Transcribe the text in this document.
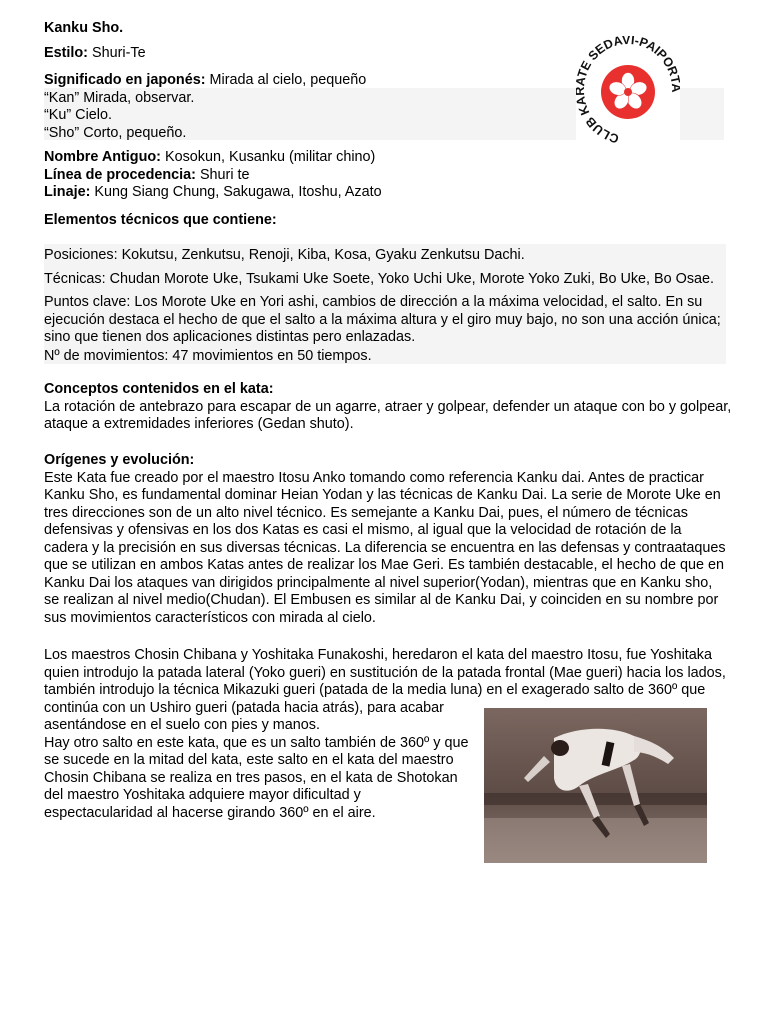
Kanku Sho.
Estilo: Shuri-Te

Significado en japonés: Mirada al cielo, pequeño

“Kan” Mirada, observar.

“Ku” Cielo.

“Sho” Corto, pequeño.

Nombre Antiguo: Kosokun, Kusanku (militar chino)

Línea de procedencia: Shuri te

Linaje: Kung Siang Chung, Sakugawa, Itoshu, Azato

Elementos técnicos que contiene:

Posiciones: Kokutsu, Zenkutsu, Renoji, Kiba, Kosa, Gyaku Zenkutsu Dachi.

Técnicas: Chudan Morote Uke, Tsukami Uke Soete, Yoko Uchi Uke, Morote Yoko Zuki, Bo Uke, Bo Osae.

Puntos clave: Los Morote Uke en Yori ashi, cambios de dirección a la máxima velocidad, el salto. En su

ejecución destaca el hecho de que el salto a la máxima altura y el giro muy bajo, no son una acción única;

sino que tienen dos aplicaciones distintas pero enlazadas.

Nº de movimientos: 47 movimientos en 50 tiempos.

Conceptos contenidos en el kata:

La rotación de antebrazo para escapar de un agarre, atraer y golpear, defender un ataque con bo y golpear,

ataque a extremidades inferiores (Gedan shuto).

Orígenes y evolución:

Este Kata fue creado por el maestro Itosu Anko tomando como referencia Kanku dai. Antes de practicar

Kanku Sho, es fundamental dominar Heian Yodan y las técnicas de Kanku Dai. La serie de Morote Uke en

tres direcciones son de un alto nivel técnico. Es semejante a Kanku Dai, pues, el número de técnicas

defensivas y ofensivas en los dos Katas es casi el mismo, al igual que la velocidad de rotación de la

cadera y la precisión en sus diversas técnicas. La diferencia se encuentra en las defensas y contraataques

que se utilizan en ambos Katas antes de realizar los Mae Geri. Es también destacable, el hecho de que en

Kanku Dai los ataques van dirigidos principalmente al nivel superior(Yodan), mientras que en Kanku sho,

se realizan al nivel medio(Chudan). El Embusen es similar al de Kanku Dai, y coinciden en su nombre por

sus movimientos característicos con mirada al cielo.

Los maestros Chosin Chibana y Yoshitaka Funakoshi, heredaron el kata del maestro Itosu, fue Yoshitaka

quien introdujo la patada lateral (Yoko gueri) en sustitución de la patada frontal (Mae gueri) hacia los lados,

también introdujo la técnica Mikazuki gueri (patada de la media luna) en el exagerado salto de 360º que

continúa con un Ushiro gueri (patada hacia atrás), para acabar

asentándose en el suelo con pies y manos.

Hay otro salto en este kata, que es un salto también de 360º y que

se sucede en la mitad del kata, este salto en el kata del maestro

Chosin Chibana se realiza en tres pasos, en el kata de Shotokan

del maestro Yoshitaka adquiere mayor dificultad y

espectacularidad al hacerse girando 360º en el aire.

CLUB K TE SEDAVÍ-PAIPOR
